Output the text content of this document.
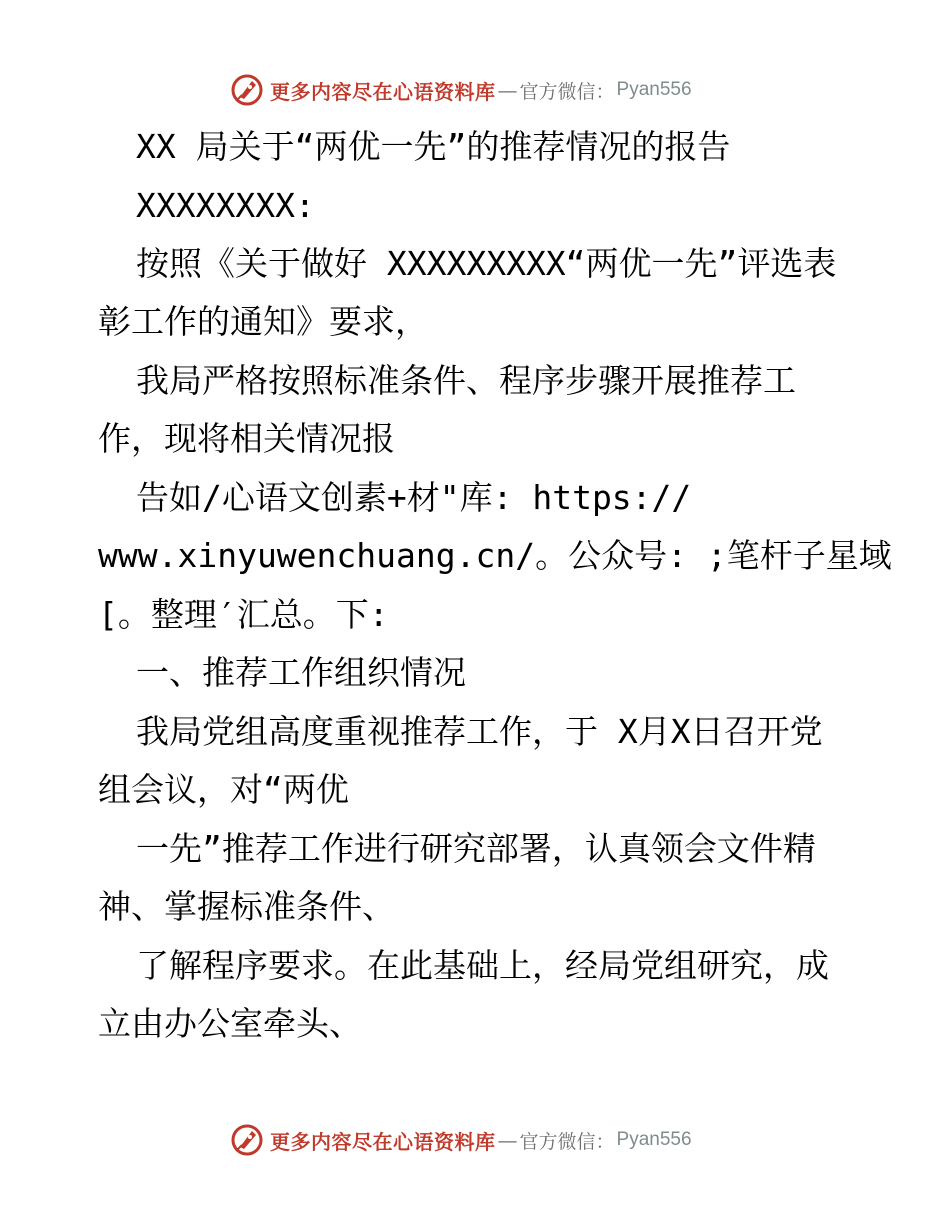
更多内容尽在心语资料库 — 官方微信： Pyan556
XX 局关于“两优一先”的推荐情况的报告
XXXXXXXX:
按照《关于做好 XXXXXXXXX“两优一先”评选表
彰工作的通知》要求，
我局严格按照标准条件、程序步骤开展推荐工
作，现将相关情况报
告如/心语文创素+材"库: https://
www.xinyuwenchuang.cn/。公众号: ;笔杆子星域
[。整理′汇总。下:
一、推荐工作组织情况
我局党组高度重视推荐工作，于 X月X日召开党
组会议，对“两优
一先”推荐工作进行研究部署，认真领会文件精
神、掌握标准条件、
了解程序要求。在此基础上，经局党组研究，成
立由办公室牵头、
更多内容尽在心语资料库 — 官方微信： Pyan556
